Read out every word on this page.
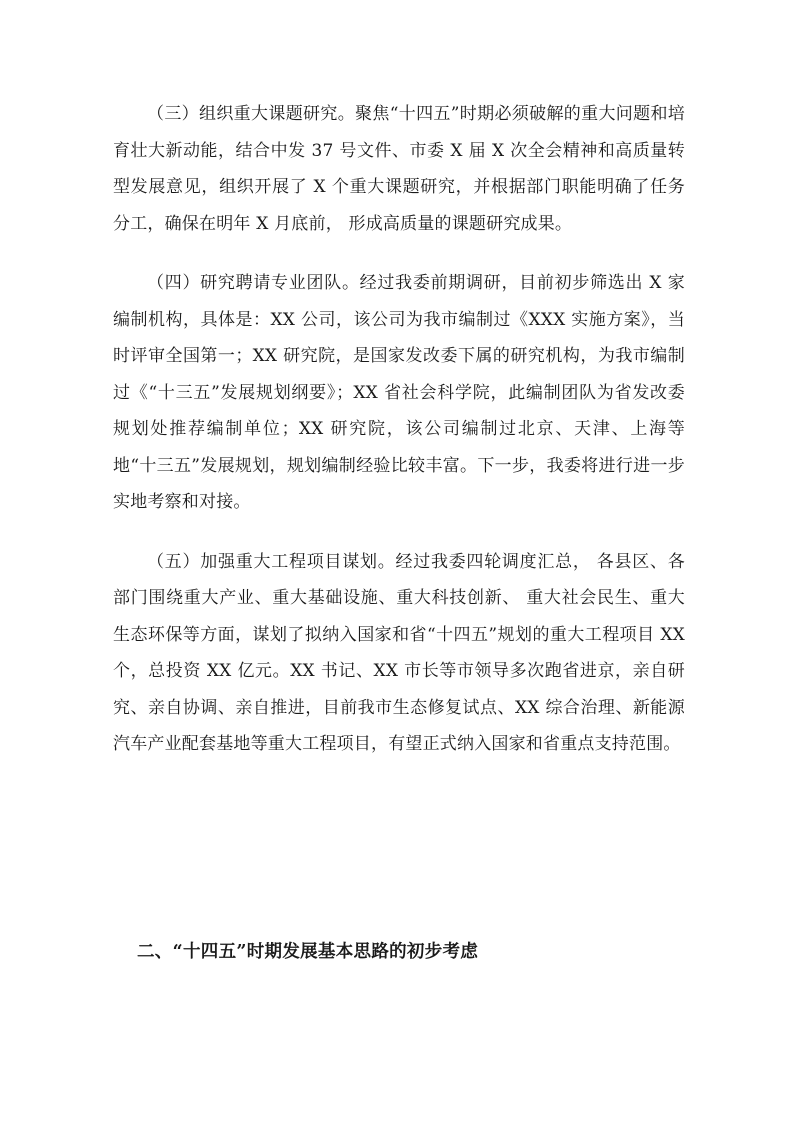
（三）组织重大课题研究。聚焦“十四五”时期必须破解的重大问题和培育壮大新动能，结合中发 37 号文件、市委 X 届 X 次全会精神和高质量转型发展意见，组织开展了 X 个重大课题研究，并根据部门职能明确了任务分工，确保在明年 X 月底前， 形成高质量的课题研究成果。

（四）研究聘请专业团队。经过我委前期调研，目前初步筛选出 X 家编制机构，具体是：XX 公司，该公司为我市编制过《XXX 实施方案》，当时评审全国第一；XX 研究院，是国家发改委下属的研究机构，为我市编制过《“十三五”发展规划纲要》；XX 省社会科学院，此编制团队为省发改委规划处推荐编制单位；XX 研究院，该公司编制过北京、天津、上海等地“十三五”发展规划，规划编制经验比较丰富。下一步，我委将进行进一步实地考察和对接。

（五）加强重大工程项目谋划。经过我委四轮调度汇总， 各县区、各部门围绕重大产业、重大基础设施、重大科技创新、 重大社会民生、重大生态环保等方面，谋划了拟纳入国家和省“十四五”规划的重大工程项目 XX 个，总投资 XX 亿元。XX 书记、XX 市长等市领导多次跑省进京，亲自研究、亲自协调、亲自推进，目前我市生态修复试点、XX 综合治理、新能源汽车产业配套基地等重大工程项目，有望正式纳入国家和省重点支持范围。

二、“十四五”时期发展基本思路的初步考虑
